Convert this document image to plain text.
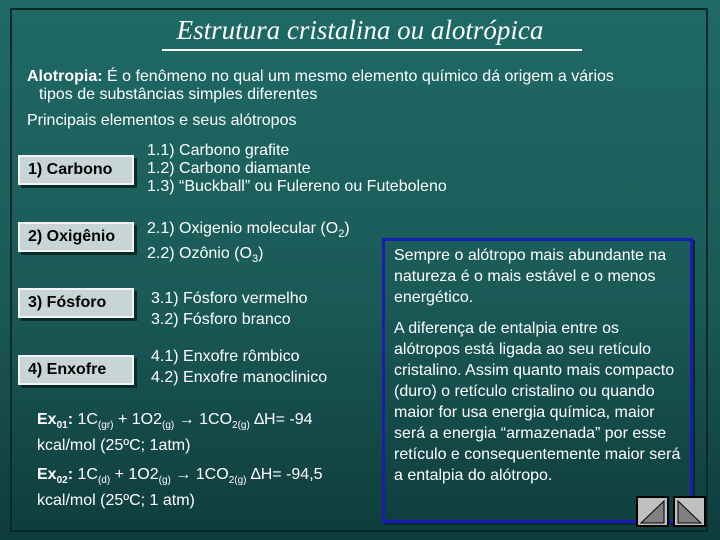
Estrutura cristalina ou alotrópica
Alotropia: É o fenômeno no qual um mesmo elemento químico dá origem a vários
tipos de substâncias simples diferentes
Principais elementos e seus alótropos
1) Carbono
1.1) Carbono grafite
1.2) Carbono diamante
1.3) “Buckball” ou Fulereno ou Futeboleno
2) Oxigênio	2.1) Oxigenio molecular $(O_2)$
2.2) Ozônio $(O_3)$
3) Fósforo	3.1) Fósforo vermelho
3.2) Fósforo branco
4) Enxofre
4.1) Enxofre rômbico
4.2) Enxofre manoclinico
$Ex_{01}$: $1C_{(gr)} + 1O2_{(g)} \to 1CO_{2(g)}$ ∆H= -94
kcal/mol (25ºC; 1atm)
$Ex_{02}$: $1C_{(d)} + 1O2_{(g)} \to 1CO_{2(g)}$ ∆H= -94,5
kcal/mol (25ºC; 1 atm)

Sempre o alótropo mais abundante na natureza é o mais estável e o menos energético.

A diferença de entalpia entre os alótropos está ligada ao seu retículo cristalino. Assim quanto mais compacto (duro) o retículo cristalino ou quando maior for usa energia química, maior será a energia “armazenada” por esse retículo e consequentemente maior será a entalpia do alótropo.
